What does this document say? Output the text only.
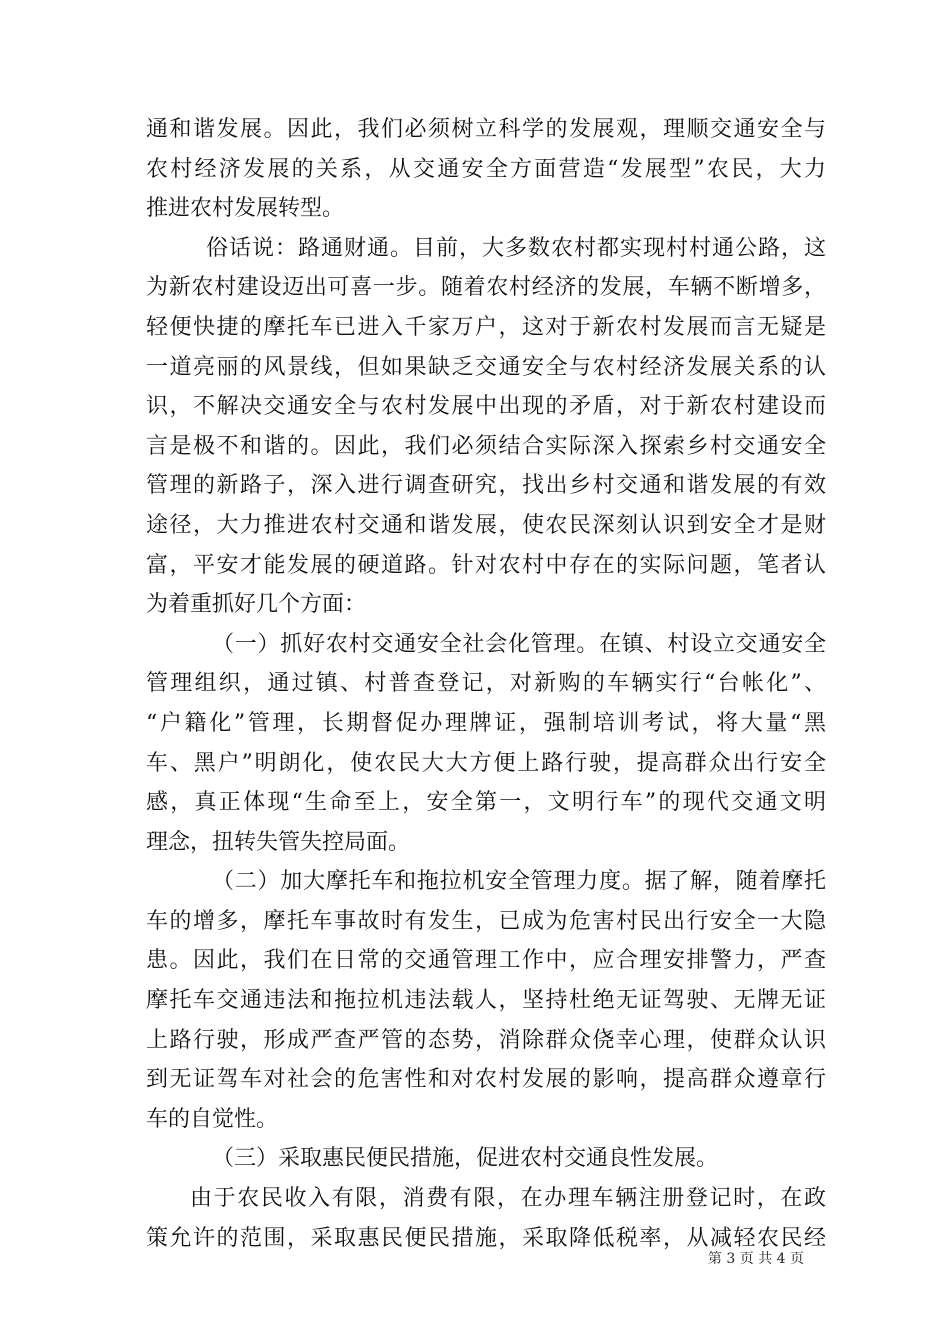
通和谐发展。因此，我们必须树立科学的发展观，理顺交通安全与
农村经济发展的关系，从交通安全方面营造“发展型”农民，大力
推进农村发展转型。
俗话说：路通财通。目前，大多数农村都实现村村通公路，这
为新农村建设迈出可喜一步。随着农村经济的发展，车辆不断增多，
轻便快捷的摩托车已进入千家万户，这对于新农村发展而言无疑是
一道亮丽的风景线，但如果缺乏交通安全与农村经济发展关系的认
识，不解决交通安全与农村发展中出现的矛盾，对于新农村建设而
言是极不和谐的。因此，我们必须结合实际深入探索乡村交通安全
管理的新路子，深入进行调查研究，找出乡村交通和谐发展的有效
途径，大力推进农村交通和谐发展，使农民深刻认识到安全才是财
富，平安才能发展的硬道路。针对农村中存在的实际问题，笔者认
为着重抓好几个方面：
（一）抓好农村交通安全社会化管理。在镇、村设立交通安全
管理组织，通过镇、村普查登记，对新购的车辆实行“台帐化”、
“户籍化”管理，长期督促办理牌证，强制培训考试，将大量“黑
车、黑户”明朗化，使农民大大方便上路行驶，提高群众出行安全
感，真正体现“生命至上，安全第一，文明行车”的现代交通文明
理念，扭转失管失控局面。
（二）加大摩托车和拖拉机安全管理力度。据了解，随着摩托
车的增多，摩托车事故时有发生，已成为危害村民出行安全一大隐
患。因此，我们在日常的交通管理工作中，应合理安排警力，严查
摩托车交通违法和拖拉机违法载人，坚持杜绝无证驾驶、无牌无证
上路行驶，形成严查严管的态势，消除群众侥幸心理，使群众认识
到无证驾车对社会的危害性和对农村发展的影响，提高群众遵章行
车的自觉性。
（三）采取惠民便民措施，促进农村交通良性发展。
由于农民收入有限，消费有限，在办理车辆注册登记时，在政
策允许的范围，采取惠民便民措施，采取降低税率，从减轻农民经
第 3 页 共 4 页
